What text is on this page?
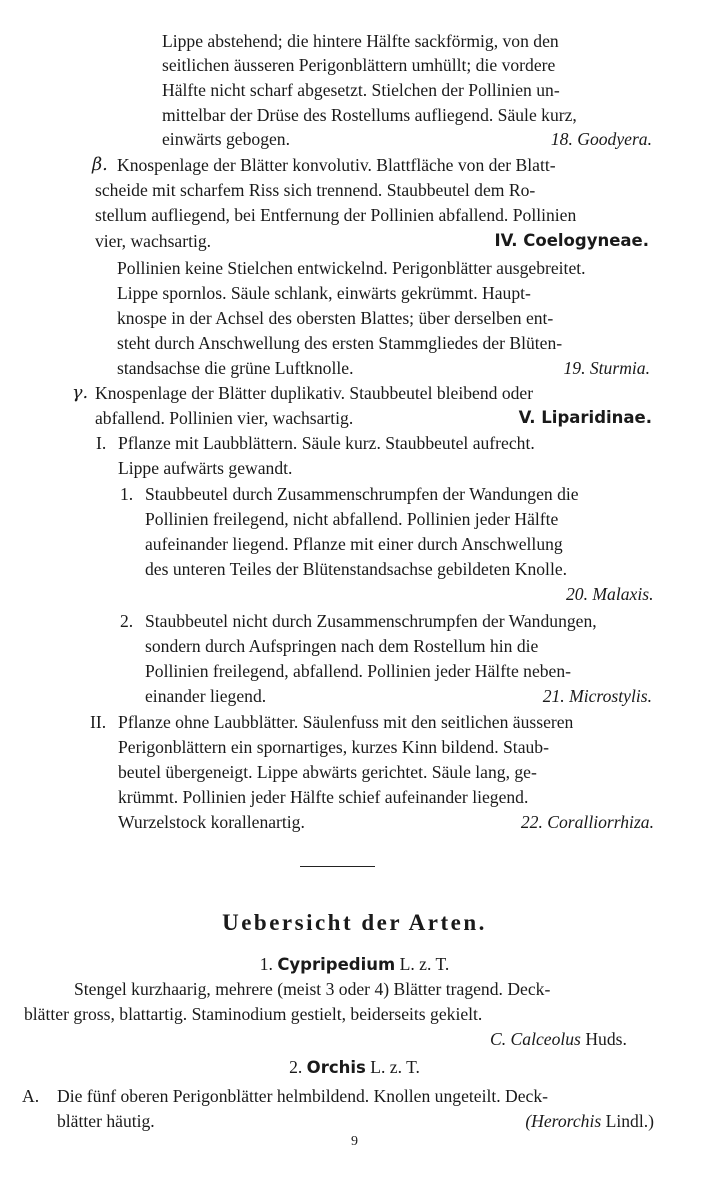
Lippe abstehend; die hintere Hälfte sackförmig, von den
seitlichen äusseren Perigonblättern umhüllt; die vordere
Hälfte nicht scharf abgesetzt. Stielchen der Pollinien un-
mittelbar der Drüse des Rostellums aufliegend. Säule kurz,
einwärts gebogen.	18. Goodyera.
β. Knospenlage der Blätter konvolutiv. Blattfläche von der Blatt-
scheide mit scharfem Riss sich trennend. Staubbeutel dem Ro-
stellum aufliegend, bei Entfernung der Pollinien abfallend. Pollinien
vier, wachsartig.	IV. Coelogyneae.
Pollinien keine Stielchen entwickelnd. Perigonblätter ausgebreitet.
Lippe spornlos. Säule schlank, einwärts gekrümmt. Haupt-
knospe in der Achsel des obersten Blattes; über derselben ent-
steht durch Anschwellung des ersten Stammgliedes der Blüten-
standsachse die grüne Luftknolle.	19. Sturmia.
γ. Knospenlage der Blätter duplikativ. Staubbeutel bleibend oder
abfallend. Pollinien vier, wachsartig.	V. Liparidinae.
I. Pflanze mit Laubblättern. Säule kurz. Staubbeutel aufrecht.
Lippe aufwärts gewandt.
1. Staubbeutel durch Zusammenschrumpfen der Wandungen die
Pollinien freilegend, nicht abfallend. Pollinien jeder Hälfte
aufeinander liegend. Pflanze mit einer durch Anschwellung
des unteren Teiles der Blütenstandsachse gebildeten Knolle.
20. Malaxis.
2. Staubbeutel nicht durch Zusammenschrumpfen der Wandungen,
sondern durch Aufspringen nach dem Rostellum hin die
Pollinien freilegend, abfallend. Pollinien jeder Hälfte neben-
einander liegend.	21. Microstylis.
II. Pflanze ohne Laubblätter. Säulenfuss mit den seitlichen äusseren
Perigonblättern ein spornartiges, kurzes Kinn bildend. Staub-
beutel übergeneigt. Lippe abwärts gerichtet. Säule lang, ge-
krümmt. Pollinien jeder Hälfte schief aufeinander liegend.
Wurzelstock korallenartig.	22. Coralliorrhiza.
Uebersicht der Arten.
1. Cypripedium L. z. T.
Stengel kurzhaarig, mehrere (meist 3 oder 4) Blätter tragend. Deck-
blätter gross, blattartig. Staminodium gestielt, beiderseits gekielt.
C. Calceolus Huds.
2. Orchis L. z. T.
A. Die fünf oberen Perigonblätter helmbildend. Knollen ungeteilt. Deck-
blätter häutig.	(Herorchis Lindl.)
9
